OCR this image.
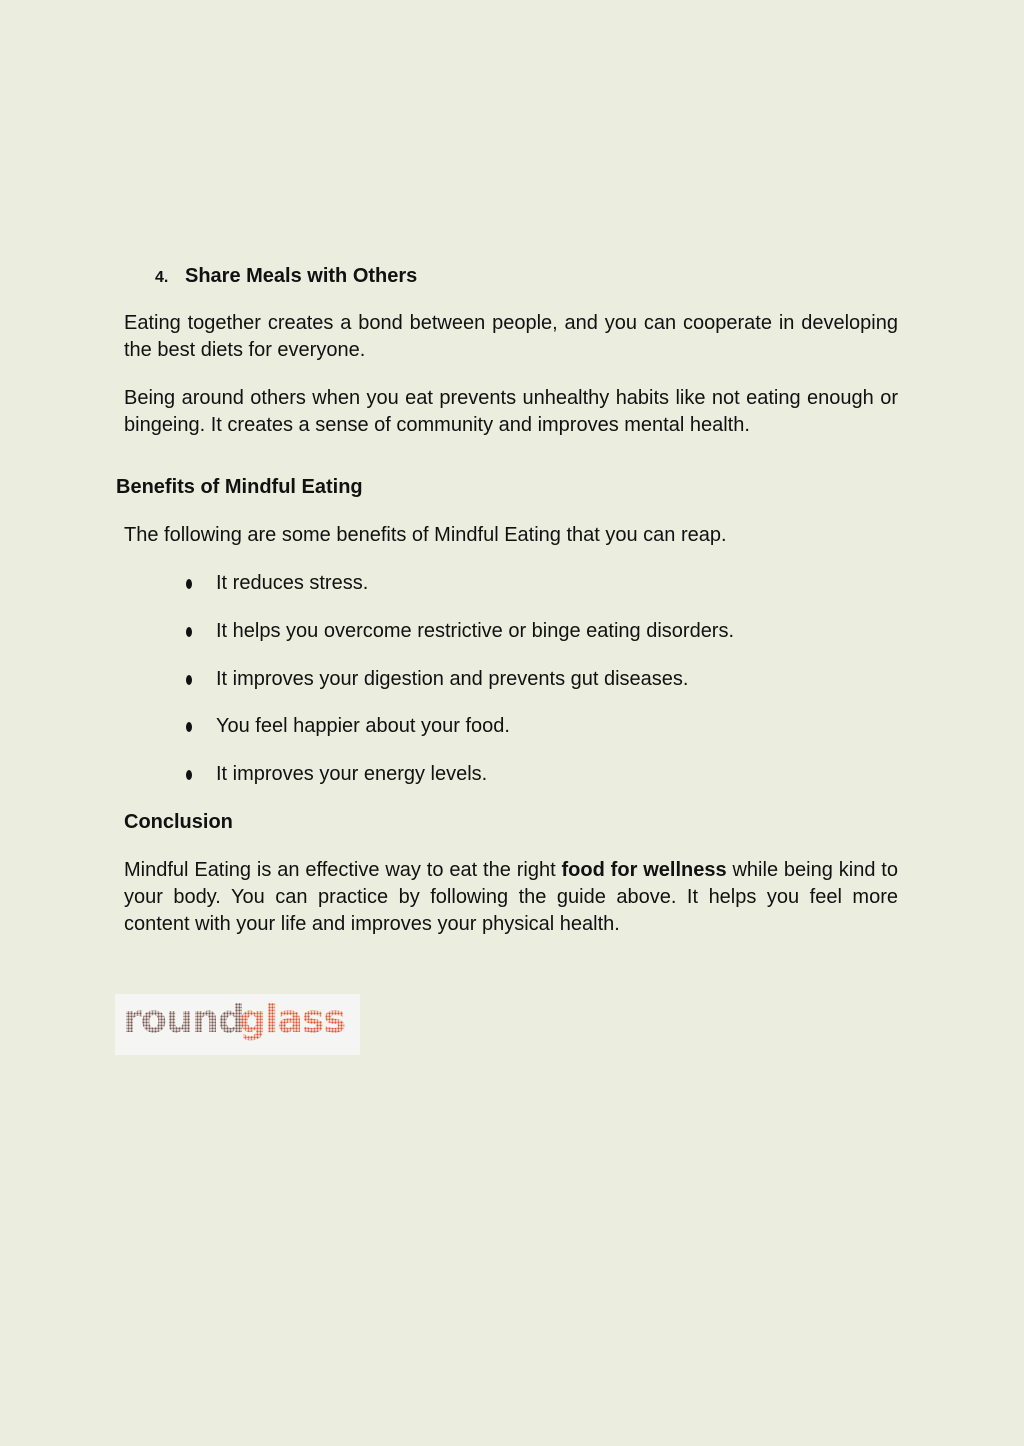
4. Share Meals with Others

Eating together creates a bond between people, and you can cooperate in developing the best diets for everyone.

Being around others when you eat prevents unhealthy habits like not eating enough or bingeing. It creates a sense of community and improves mental health.

Benefits of Mindful Eating

The following are some benefits of Mindful Eating that you can reap.

It reduces stress.
It helps you overcome restrictive or binge eating disorders.
It improves your digestion and prevents gut diseases.
You feel happier about your food.
It improves your energy levels.
Conclusion

Mindful Eating is an effective way to eat the right food for wellness while being kind to your body. You can practice by following the guide above. It helps you feel more content with your life and improves your physical health.

round
glass
